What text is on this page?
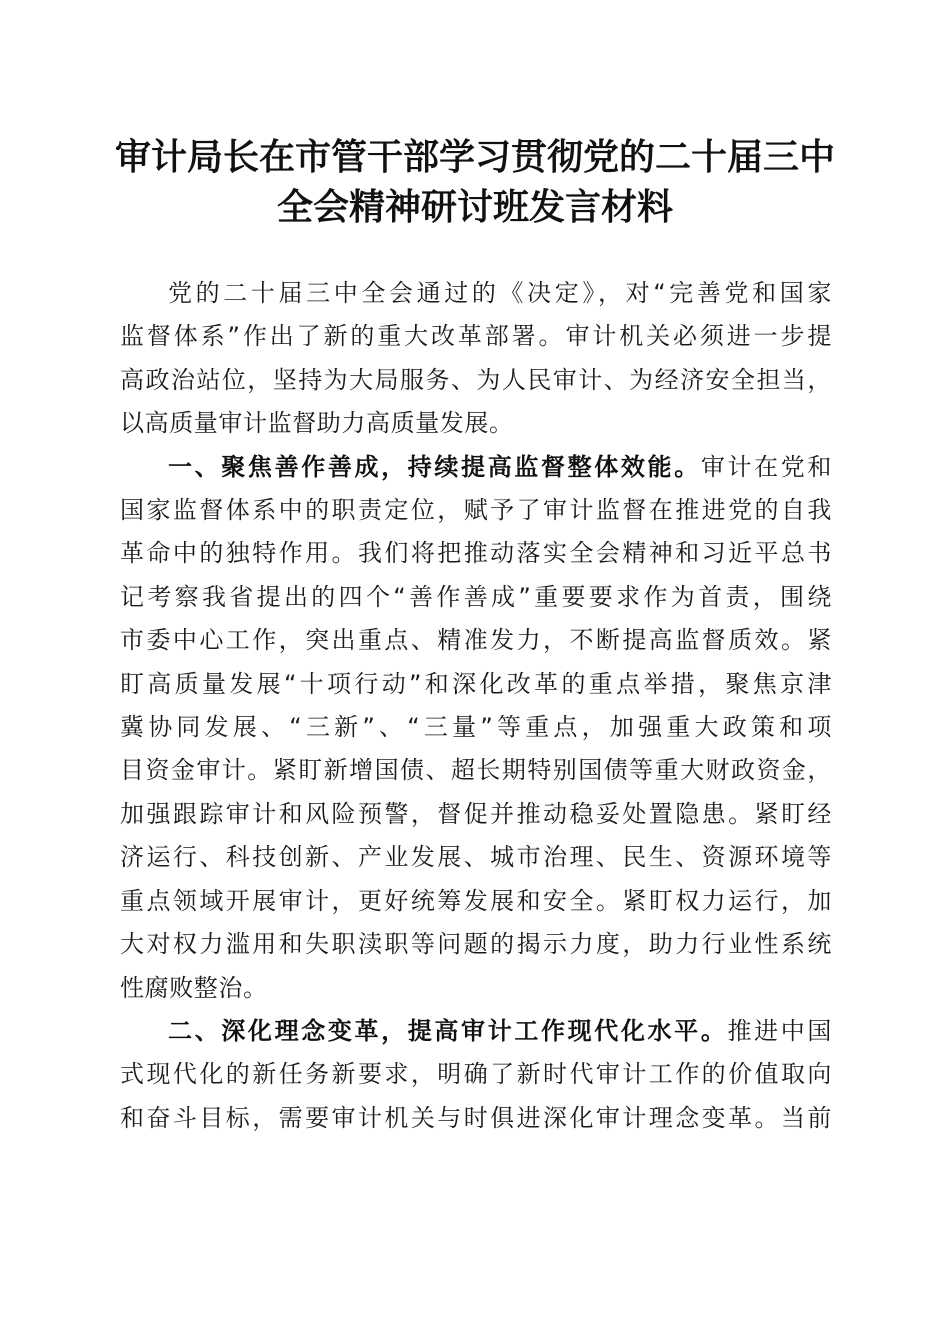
审计局长在市管干部学习贯彻党的二十届三中
全会精神研讨班发言材料

党的二十届三中全会通过的《决定》，对“完善党和国家
监督体系”作出了新的重大改革部署。审计机关必须进一步提
高政治站位，坚持为大局服务、为人民审计、为经济安全担当，
以高质量审计监督助力高质量发展。

一、聚焦善作善成，持续提高监督整体效能。审计在党和
国家监督体系中的职责定位，赋予了审计监督在推进党的自我
革命中的独特作用。我们将把推动落实全会精神和习近平总书
记考察我省提出的四个“善作善成”重要要求作为首责，围绕
市委中心工作，突出重点、精准发力，不断提高监督质效。紧
盯高质量发展“十项行动”和深化改革的重点举措，聚焦京津
冀协同发展、“三新”、“三量”等重点，加强重大政策和项
目资金审计。紧盯新增国债、超长期特别国债等重大财政资金，
加强跟踪审计和风险预警，督促并推动稳妥处置隐患。紧盯经
济运行、科技创新、产业发展、城市治理、民生、资源环境等
重点领域开展审计，更好统筹发展和安全。紧盯权力运行，加
大对权力滥用和失职渎职等问题的揭示力度，助力行业性系统
性腐败整治。

二、深化理念变革，提高审计工作现代化水平。推进中国
式现代化的新任务新要求，明确了新时代审计工作的价值取向
和奋斗目标，需要审计机关与时俱进深化审计理念变革。当前
